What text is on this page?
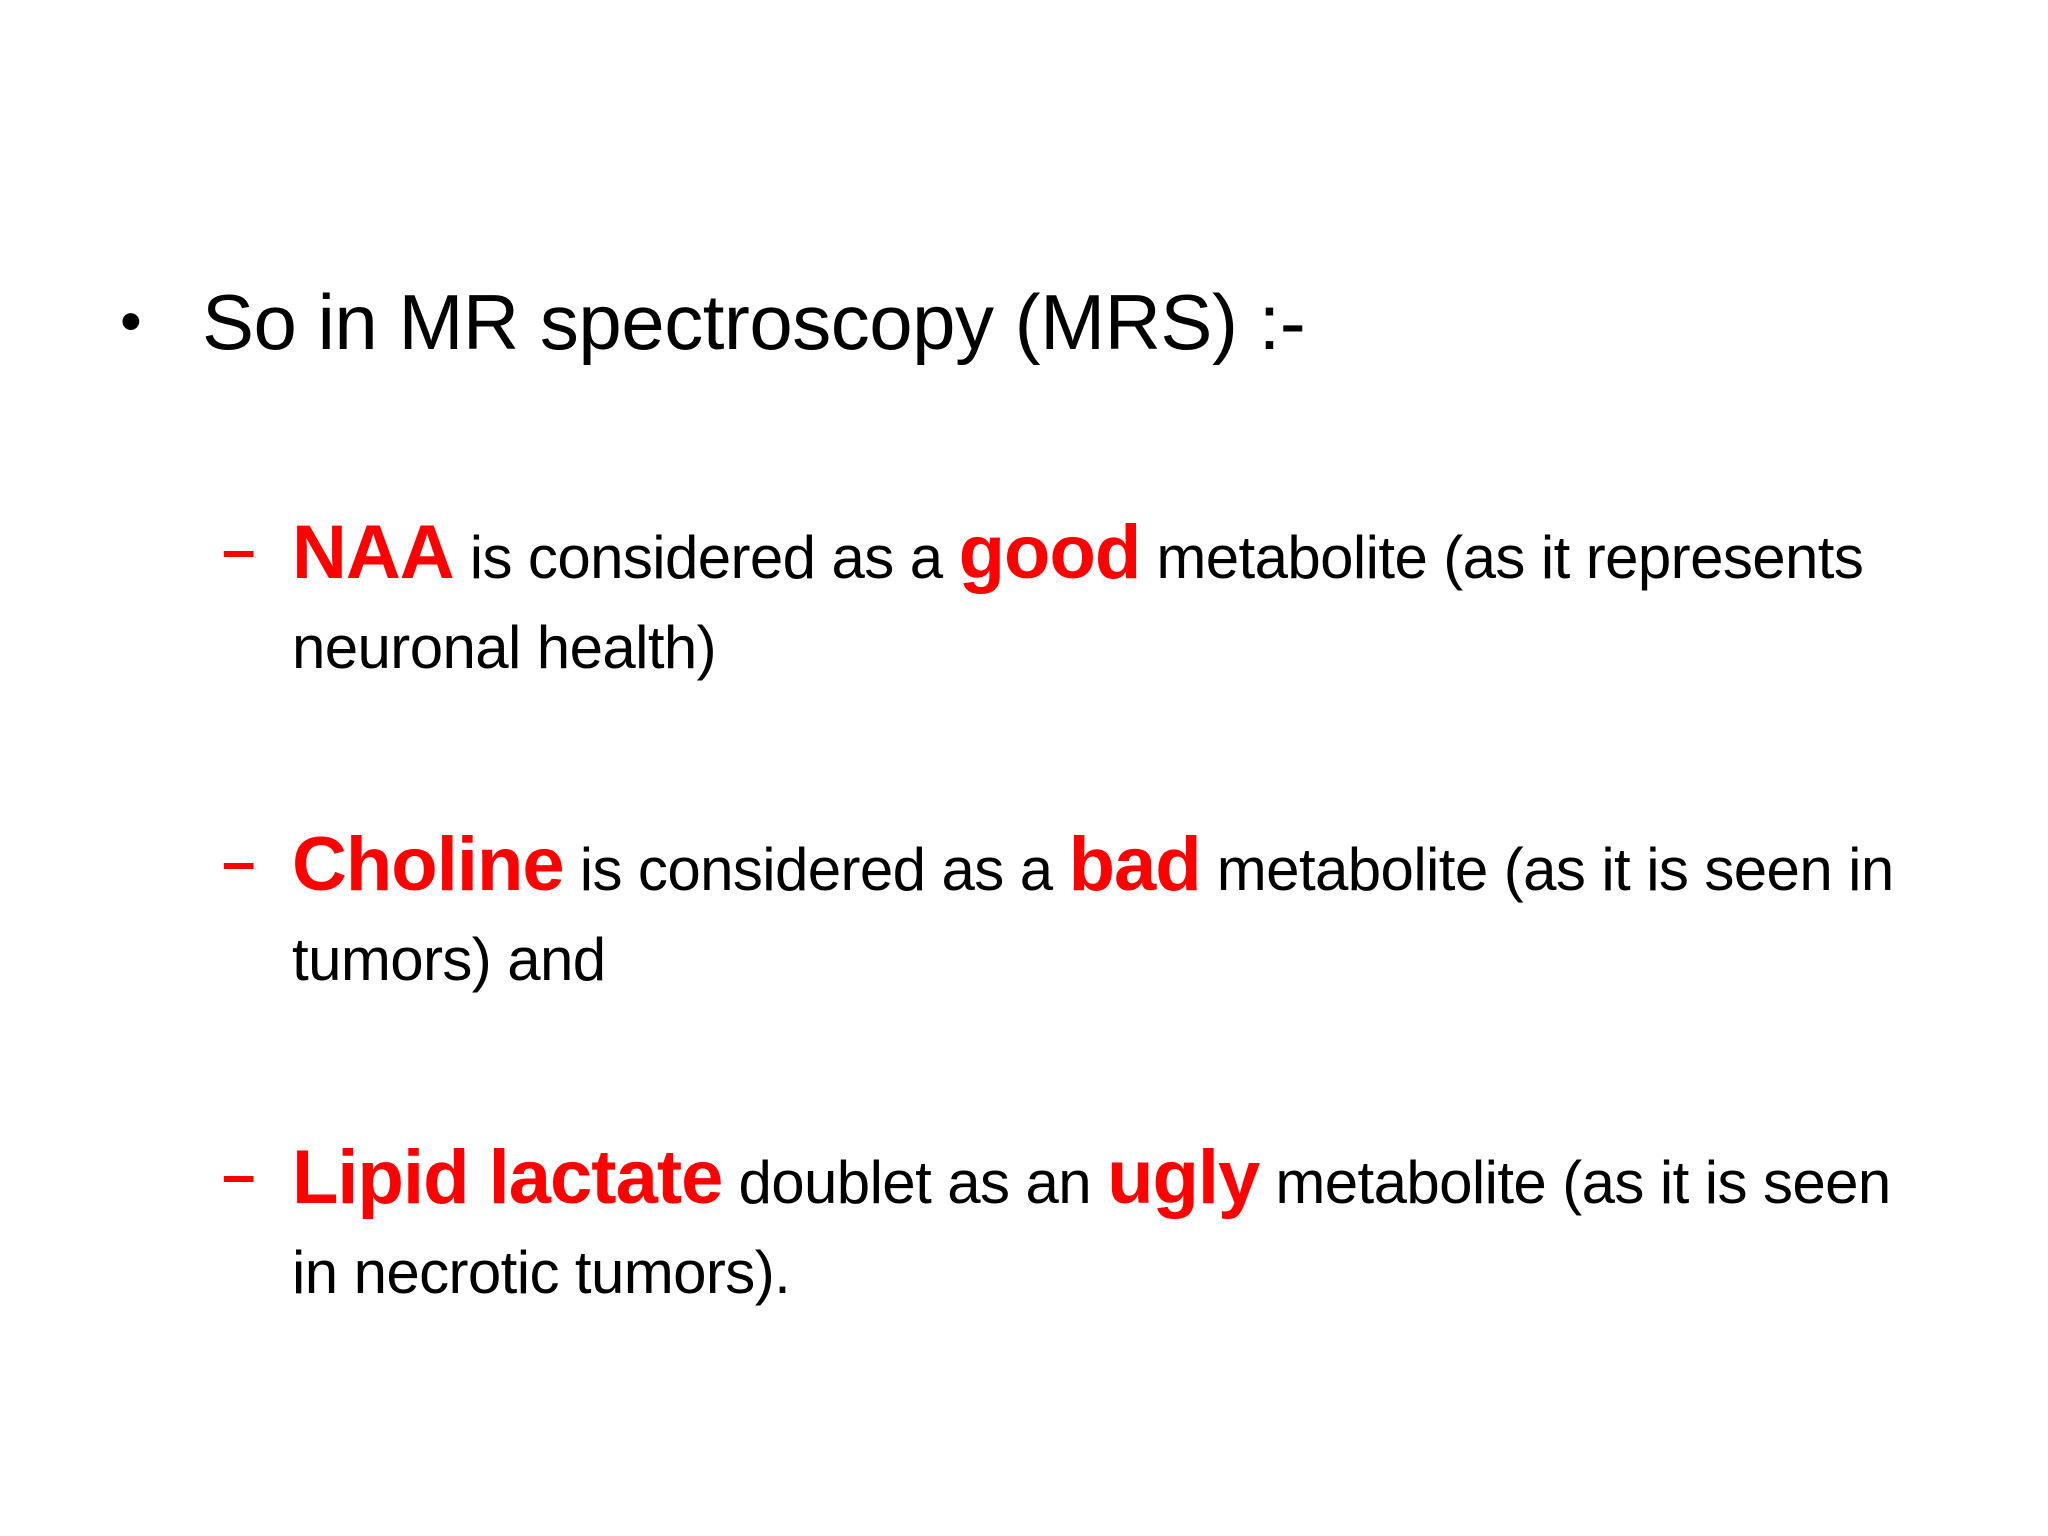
• So in MR spectroscopy (MRS) :-
– NAA is considered as a good metabolite (as it represents neuronal health)
– Choline is considered as a bad metabolite (as it is seen in tumors) and
– Lipid lactate doublet as an ugly metabolite (as it is seen in necrotic tumors).
